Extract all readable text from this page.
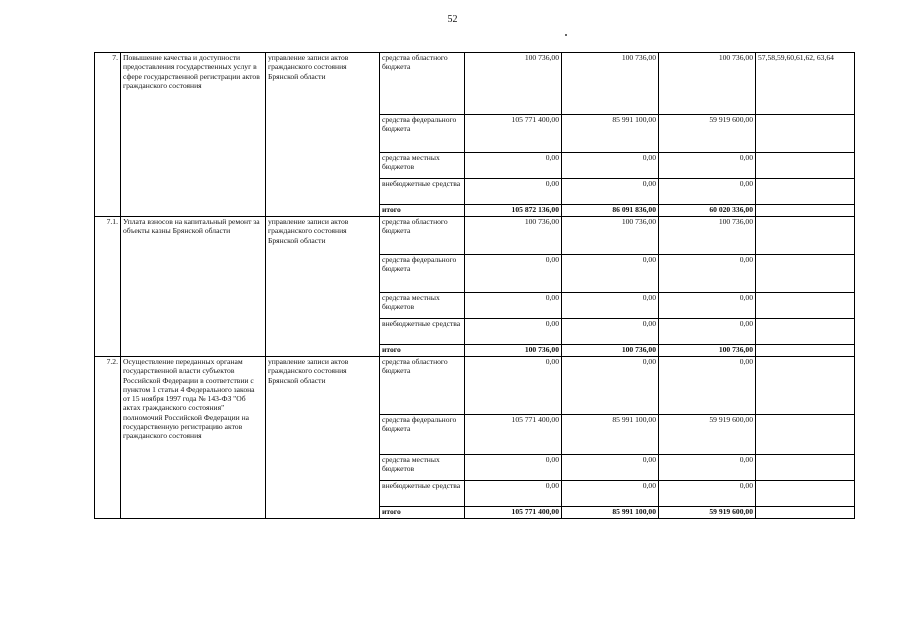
52
7.	Повышение качества и доступности предоставления государственных услуг в сфере государственной регистрации актов гражданского состояния	управление записи актов гражданского состояния Брянской области	средства областного бюджета	100 736,00	100 736,00	100 736,00	57,58,59,60,61,62, 63,64
			средства федерального бюджета	105 771 400,00	85 991 100,00	59 919 600,00	
			средства местных бюджетов	0,00	0,00	0,00	
			внебюджетные средства	0,00	0,00	0,00	
			итого	105 872 136,00	86 091 836,00	60 020 336,00	
7.1.	Уплата взносов на капитальный ремонт за объекты казны Брянской области	управление записи актов гражданского состояния Брянской области	средства областного бюджета	100 736,00	100 736,00	100 736,00	
			средства федерального бюджета	0,00	0,00	0,00	
			средства местных бюджетов	0,00	0,00	0,00	
			внебюджетные средства	0,00	0,00	0,00	
			итого	100 736,00	100 736,00	100 736,00	
7.2.	Осуществление переданных органам государственной власти субъектов Российской Федерации в соответствии с пунктом 1 статьи 4 Федерального закона от 15 ноября 1997 года № 143-ФЗ "Об актах гражданского состояния" полномочий Российской Федерации на государственную регистрацию актов гражданского состояния	управление записи актов гражданского состояния Брянской области	средства областного бюджета	0,00	0,00	0,00	
			средства федерального бюджета	105 771 400,00	85 991 100,00	59 919 600,00	
			средства местных бюджетов	0,00	0,00	0,00	
			внебюджетные средства	0,00	0,00	0,00	
			итого	105 771 400,00	85 991 100,00	59 919 600,00	
